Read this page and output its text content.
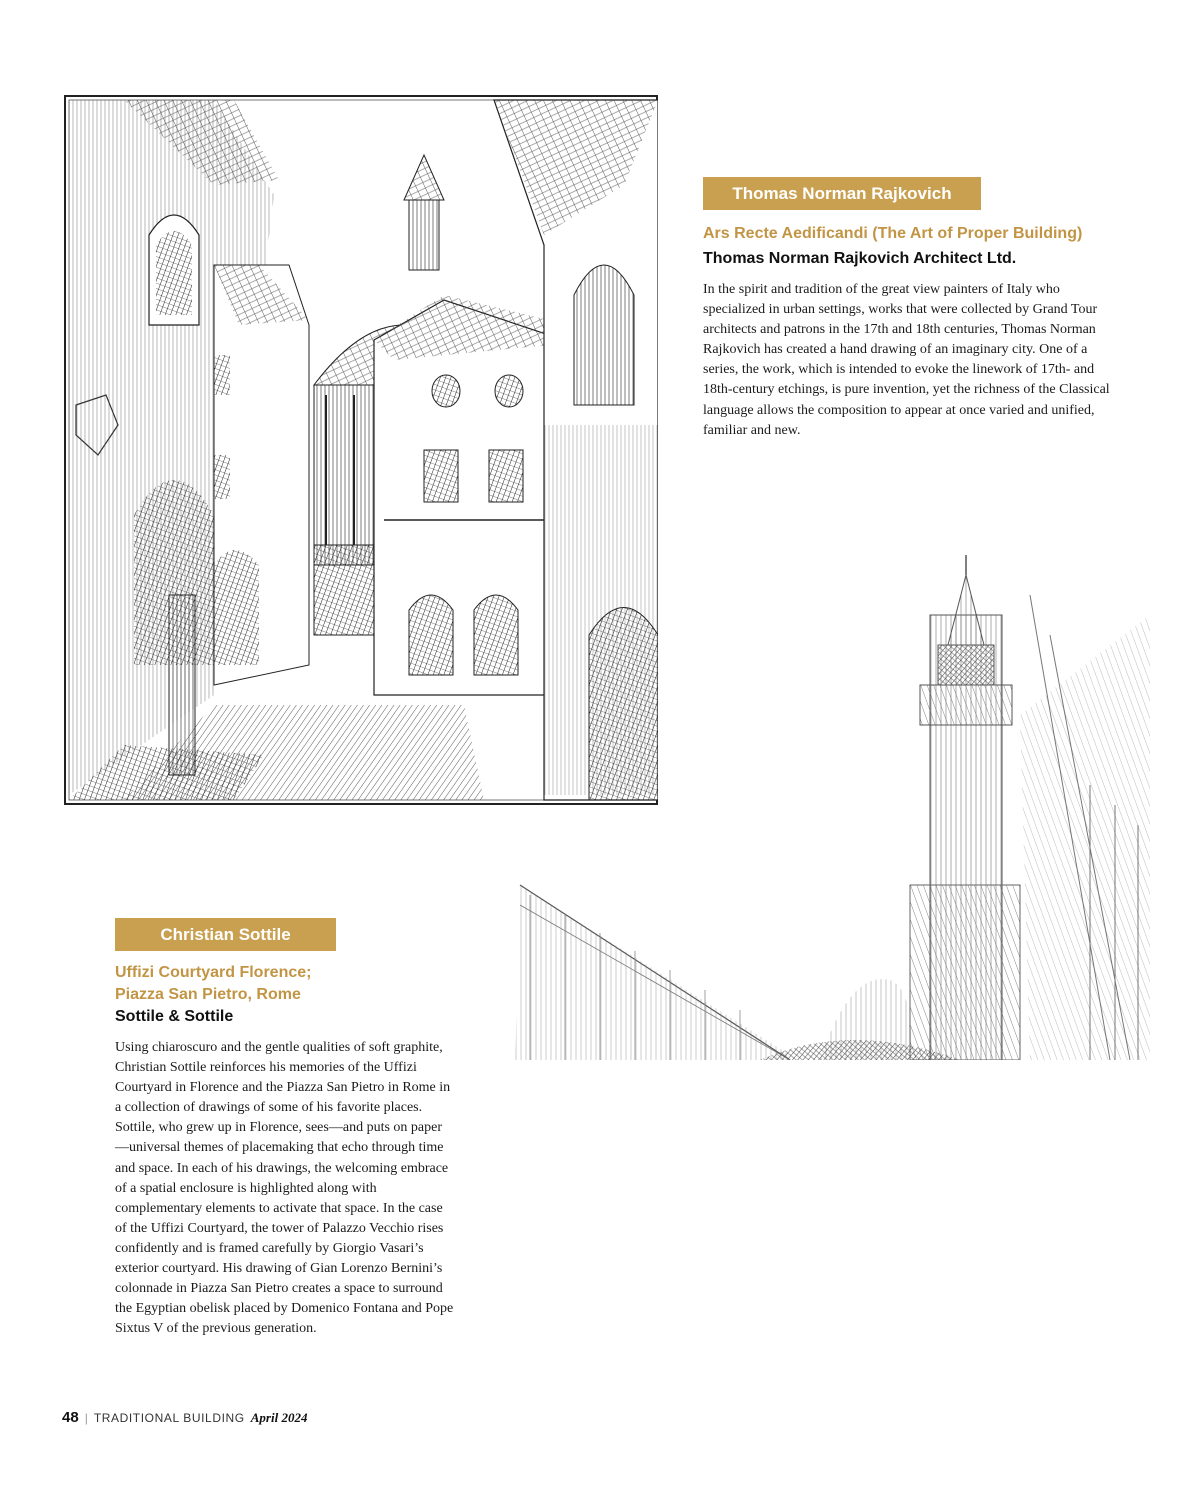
Thomas Norman Rajkovich
Ars Recte Aedificandi (The Art of Proper Building)
Thomas Norman Rajkovich Architect Ltd.
In the spirit and tradition of the great view painters of Italy who specialized in urban settings, works that were collected by Grand Tour architects and patrons in the 17th and 18th centuries, Thomas Norman Rajkovich has created a hand drawing of an imaginary city. One of a series, the work, which is intended to evoke the linework of 17th- and 18th-century etchings, is pure invention, yet the richness of the Classical language allows the composition to appear at once varied and unified, familiar and new.
Christian Sottile
Uffizi Courtyard Florence;
Piazza San Pietro, Rome
Sottile & Sottile
Using chiaroscuro and the gentle qualities of soft graphite, Christian Sottile reinforces his memories of the Uffizi Courtyard in Florence and the Piazza San Pietro in Rome in a collection of drawings of some of his favorite places. Sottile, who grew up in Florence, sees—and puts on paper—universal themes of placemaking that echo through time and space. In each of his drawings, the welcoming embrace of a spatial enclosure is highlighted along with complementary elements to activate that space. In the case of the Uffizi Courtyard, the tower of Palazzo Vecchio rises confidently and is framed carefully by Giorgio Vasari’s exterior courtyard. His drawing of Gian Lorenzo Bernini’s colonnade in Piazza San Pietro creates a space to surround the Egyptian obelisk placed by Domenico Fontana and Pope Sixtus V of the previous generation.
48 | TRADITIONAL BUILDING April 2024
